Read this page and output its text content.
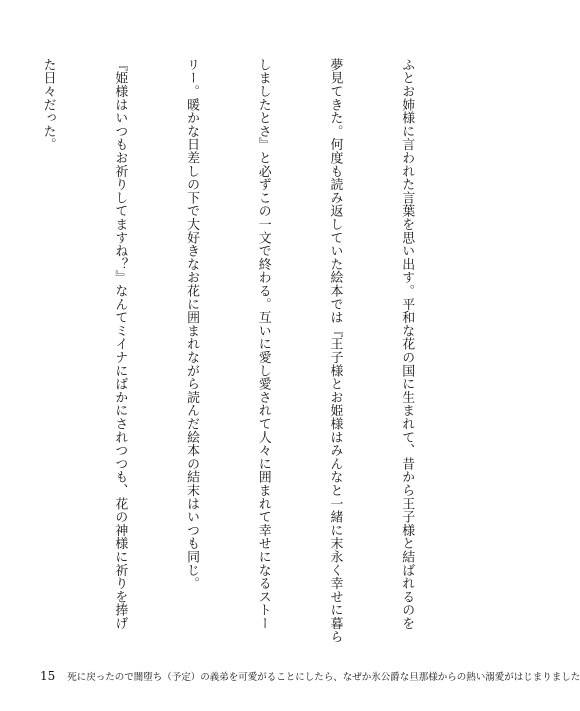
ふとお姉様に言われた言葉を思い出す。平和な花の国に生まれて、昔から王子様と結ばれるのを

夢見てきた。何度も読み返していた絵本では『王子様とお姫様はみんなと一緒に末永く幸せに暮ら

しましたとさ』と必ずこの一文で終わる。互いに愛し愛されて人々に囲まれて幸せになるストー

リー。暖かな日差しの下で大好きなお花に囲まれながら読んだ絵本の結末はいつも同じ。

『姫様はいつもお祈りしてますね？』なんてミイナにばかにされつつも、花の神様に祈りを捧げ

た日々だった。

15 死に戻ったので闇堕ち（予定）の義弟を可愛がることにしたら、なぜか氷公爵な旦那様からの熱い溺愛がはじまりました
